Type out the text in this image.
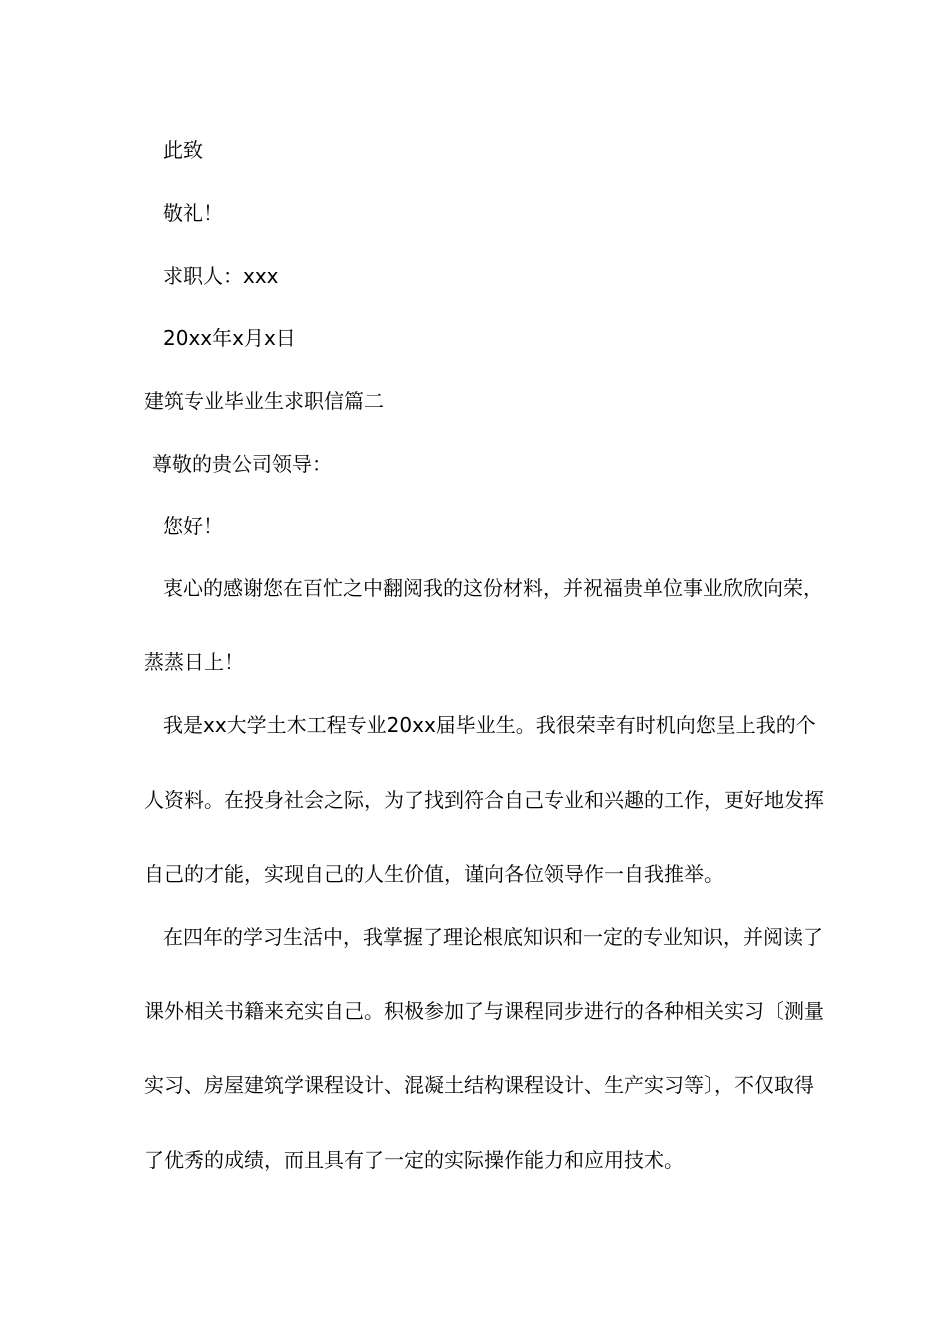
此致
敬礼！
求职人：xxx
20xx年x月x日
建筑专业毕业生求职信篇二
尊敬的贵公司领导：
您好！
衷心的感谢您在百忙之中翻阅我的这份材料，并祝福贵单位事业欣欣向荣，
蒸蒸日上！
我是xx大学土木工程专业20xx届毕业生。我很荣幸有时机向您呈上我的个
人资料。在投身社会之际，为了找到符合自己专业和兴趣的工作，更好地发挥
自己的才能，实现自己的人生价值，谨向各位领导作一自我推举。
在四年的学习生活中，我掌握了理论根底知识和一定的专业知识，并阅读了
课外相关书籍来充实自己。积极参加了与课程同步进行的各种相关实习〔测量
实习、房屋建筑学课程设计、混凝土结构课程设计、生产实习等〕，不仅取得
了优秀的成绩，而且具有了一定的实际操作能力和应用技术。
